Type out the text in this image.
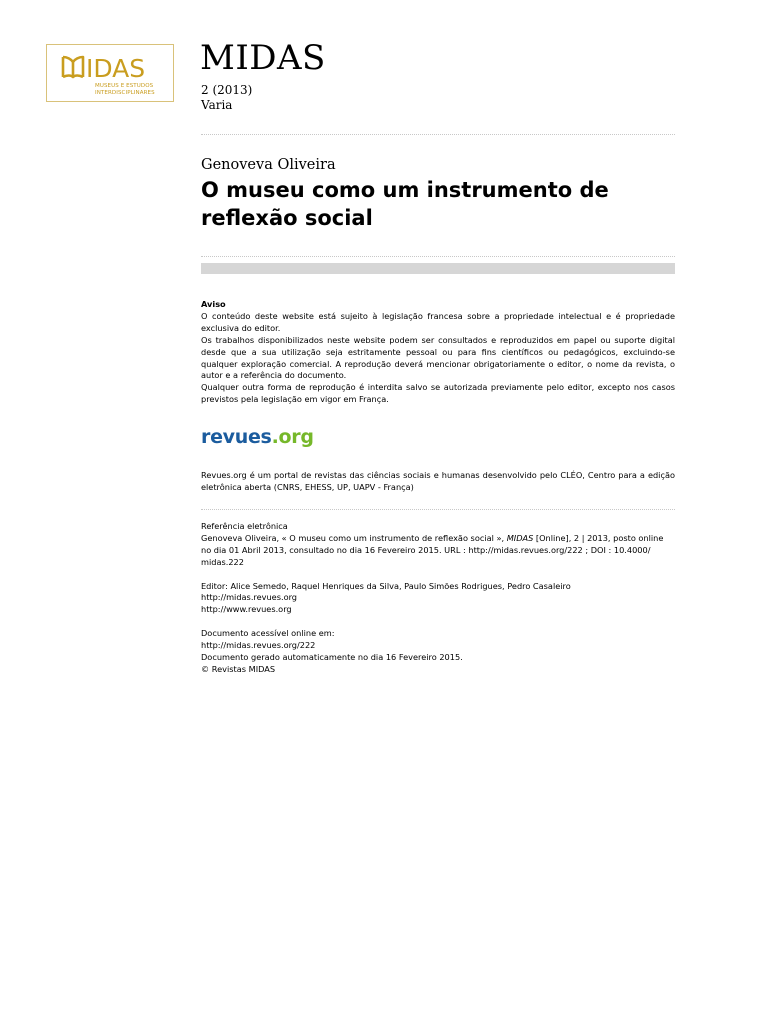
IDAS
MUSEUS E ESTUDOS
INTERDISCIPLINARES
MIDAS
2 (2013)
Varia
Genoveva Oliveira
O museu como um instrumento de reflexão social

Aviso

O conteúdo deste website está sujeito à legislação francesa sobre a propriedade intelectual e é propriedade exclusiva do editor.

Os trabalhos disponibilizados neste website podem ser consultados e reproduzidos em papel ou suporte digital desde que a sua utilização seja estritamente pessoal ou para fins científicos ou pedagógicos, excluindo-se qualquer exploração comercial. A reprodução deverá mencionar obrigatoriamente o editor, o nome da revista, o autor e a referência do documento.

Qualquer outra forma de reprodução é interdita salvo se autorizada previamente pelo editor, excepto nos casos previstos pela legislação em vigor em França.

revues.org
Revues.org é um portal de revistas das ciências sociais e humanas desenvolvido pelo CLÉO, Centro para a edição eletrônica aberta (CNRS, EHESS, UP, UAPV - França)

Referência eletrônica

Genoveva Oliveira, « O museu como um instrumento de reflexão social », MIDAS [Online], 2 | 2013, posto online no dia 01 Abril 2013, consultado no dia 16 Fevereiro 2015. URL : http://midas.revues.org/222 ; DOI : 10.4000/ midas.222

Editor: Alice Semedo, Raquel Henriques da Silva, Paulo Simões Rodrigues, Pedro Casaleiro

http://midas.revues.org

http://www.revues.org

Documento acessível online em:

http://midas.revues.org/222

Documento gerado automaticamente no dia 16 Fevereiro 2015.

© Revistas MIDAS
